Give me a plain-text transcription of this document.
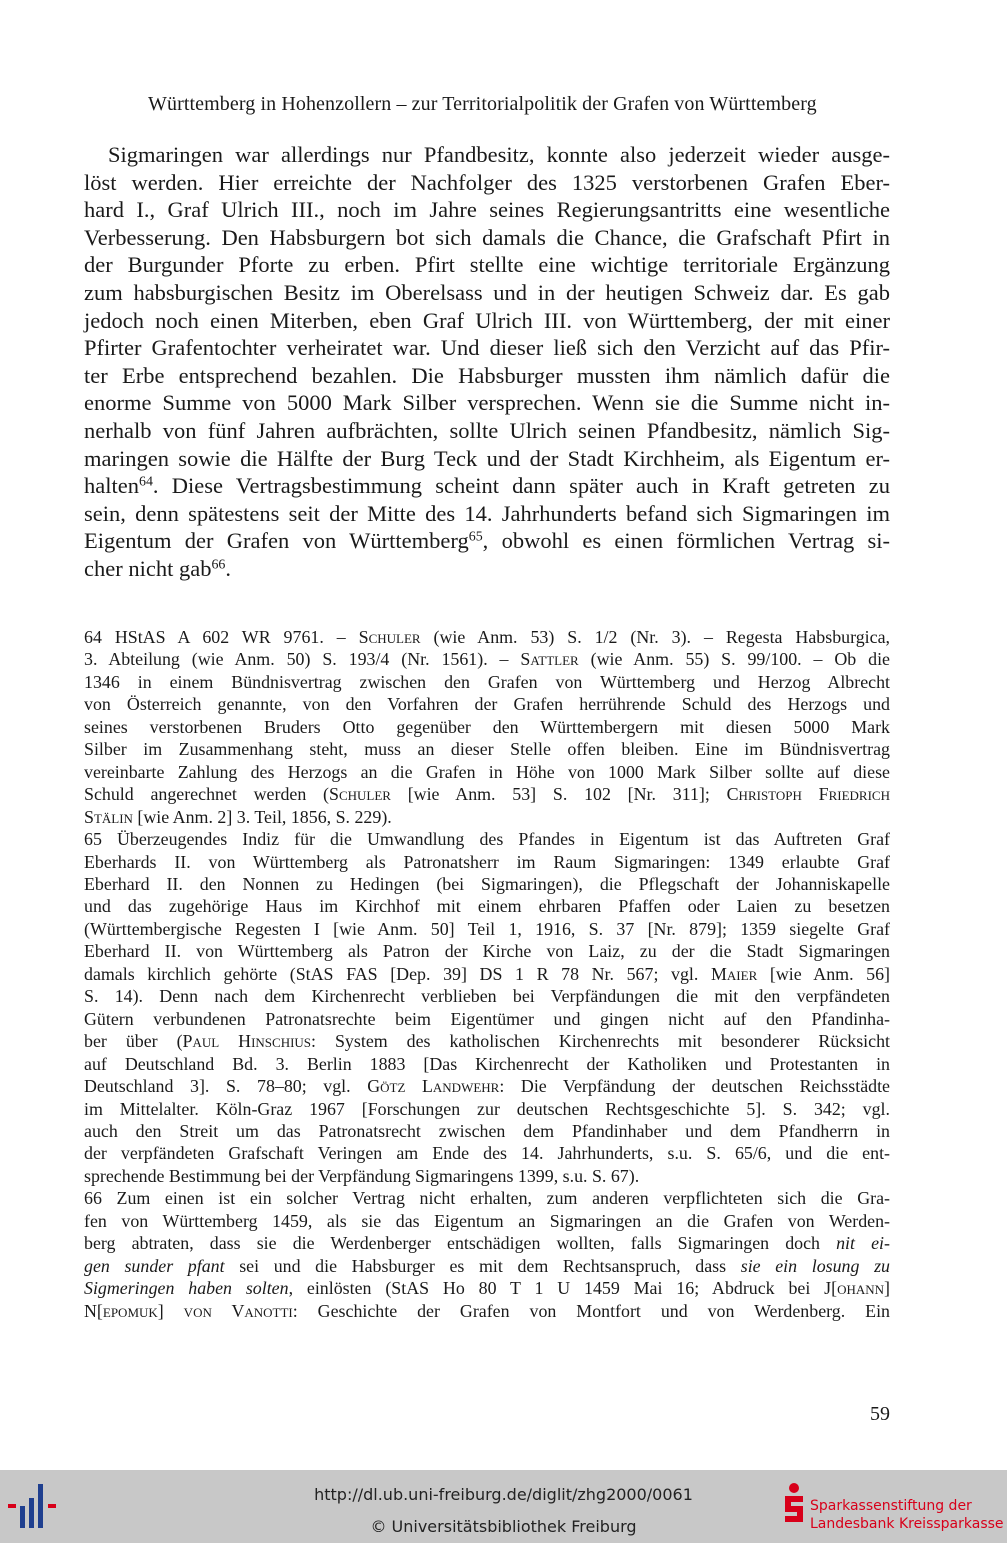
Württemberg in Hohenzollern – zur Territorialpolitik der Grafen von Württemberg
Sigmaringen war allerdings nur Pfandbesitz, konnte also jederzeit wieder ausge-
löst werden. Hier erreichte der Nachfolger des 1325 verstorbenen Grafen Eber-
hard I., Graf Ulrich III., noch im Jahre seines Regierungsantritts eine wesentliche
Verbesserung. Den Habsburgern bot sich damals die Chance, die Grafschaft Pfirt in
der Burgunder Pforte zu erben. Pfirt stellte eine wichtige territoriale Ergänzung
zum habsburgischen Besitz im Oberelsass und in der heutigen Schweiz dar. Es gab
jedoch noch einen Miterben, eben Graf Ulrich III. von Württemberg, der mit einer
Pfirter Grafentochter verheiratet war. Und dieser ließ sich den Verzicht auf das Pfir-
ter Erbe entsprechend bezahlen. Die Habsburger mussten ihm nämlich dafür die
enorme Summe von 5000 Mark Silber versprechen. Wenn sie die Summe nicht in-
nerhalb von fünf Jahren aufbrächten, sollte Ulrich seinen Pfandbesitz, nämlich Sig-
maringen sowie die Hälfte der Burg Teck und der Stadt Kirchheim, als Eigentum er-
halten$^{64}$. Diese Vertragsbestimmung scheint dann später auch in Kraft getreten zu
sein, denn spätestens seit der Mitte des 14. Jahrhunderts befand sich Sigmaringen im
Eigentum der Grafen von Württemberg$^{65}$, obwohl es einen förmlichen Vertrag si-
cher nicht gab$^{66}$.
64 HStAS A 602 WR 9761. – Schuler (wie Anm. 53) S. 1/2 (Nr. 3). – Regesta Habsburgica,
3. Abteilung (wie Anm. 50) S. 193/4 (Nr. 1561). – Sattler (wie Anm. 55) S. 99/100. – Ob die
1346 in einem Bündnisvertrag zwischen den Grafen von Württemberg und Herzog Albrecht
von Österreich genannte, von den Vorfahren der Grafen herrührende Schuld des Herzogs und
seines verstorbenen Bruders Otto gegenüber den Württembergern mit diesen 5000 Mark
Silber im Zusammenhang steht, muss an dieser Stelle offen bleiben. Eine im Bündnisvertrag
vereinbarte Zahlung des Herzogs an die Grafen in Höhe von 1000 Mark Silber sollte auf diese
Schuld angerechnet werden (Schuler [wie Anm. 53] S. 102 [Nr. 311]; Christoph Friedrich
Stälin [wie Anm. 2] 3. Teil, 1856, S. 229).
65 Überzeugendes Indiz für die Umwandlung des Pfandes in Eigentum ist das Auftreten Graf
Eberhards II. von Württemberg als Patronatsherr im Raum Sigmaringen: 1349 erlaubte Graf
Eberhard II. den Nonnen zu Hedingen (bei Sigmaringen), die Pflegschaft der Johanniskapelle
und das zugehörige Haus im Kirchhof mit einem ehrbaren Pfaffen oder Laien zu besetzen
(Württembergische Regesten I [wie Anm. 50] Teil 1, 1916, S. 37 [Nr. 879]; 1359 siegelte Graf
Eberhard II. von Württemberg als Patron der Kirche von Laiz, zu der die Stadt Sigmaringen
damals kirchlich gehörte (StAS FAS [Dep. 39] DS 1 R 78 Nr. 567; vgl. Maier [wie Anm. 56]
S. 14). Denn nach dem Kirchenrecht verblieben bei Verpfändungen die mit den verpfändeten
Gütern verbundenen Patronatsrechte beim Eigentümer und gingen nicht auf den Pfandinha-
ber über (Paul Hinschius: System des katholischen Kirchenrechts mit besonderer Rücksicht
auf Deutschland Bd. 3. Berlin 1883 [Das Kirchenrecht der Katholiken und Protestanten in
Deutschland 3]. S. 78–80; vgl. Götz Landwehr: Die Verpfändung der deutschen Reichsstädte
im Mittelalter. Köln-Graz 1967 [Forschungen zur deutschen Rechtsgeschichte 5]. S. 342; vgl.
auch den Streit um das Patronatsrecht zwischen dem Pfandinhaber und dem Pfandherrn in
der verpfändeten Grafschaft Veringen am Ende des 14. Jahrhunderts, s.u. S. 65/6, und die ent-
sprechende Bestimmung bei der Verpfändung Sigmaringens 1399, s.u. S. 67).
66 Zum einen ist ein solcher Vertrag nicht erhalten, zum anderen verpflichteten sich die Gra-
fen von Württemberg 1459, als sie das Eigentum an Sigmaringen an die Grafen von Werden-
berg abtraten, dass sie die Werdenberger entschädigen wollten, falls Sigmaringen doch nit ei-
gen sunder pfant sei und die Habsburger es mit dem Rechtsanspruch, dass sie ein losung zu
Sigmeringen haben solten, einlösten (StAS Ho 80 T 1 U 1459 Mai 16; Abdruck bei J[ohann]
N[epomuk] von Vanotti: Geschichte der Grafen von Montfort und von Werdenberg. Ein
59
http://dl.ub.uni-freiburg.de/diglit/zhg2000/0061
© Universitätsbibliothek Freiburg
Sparkassenstiftung der
Landesbank Kreissparkasse
